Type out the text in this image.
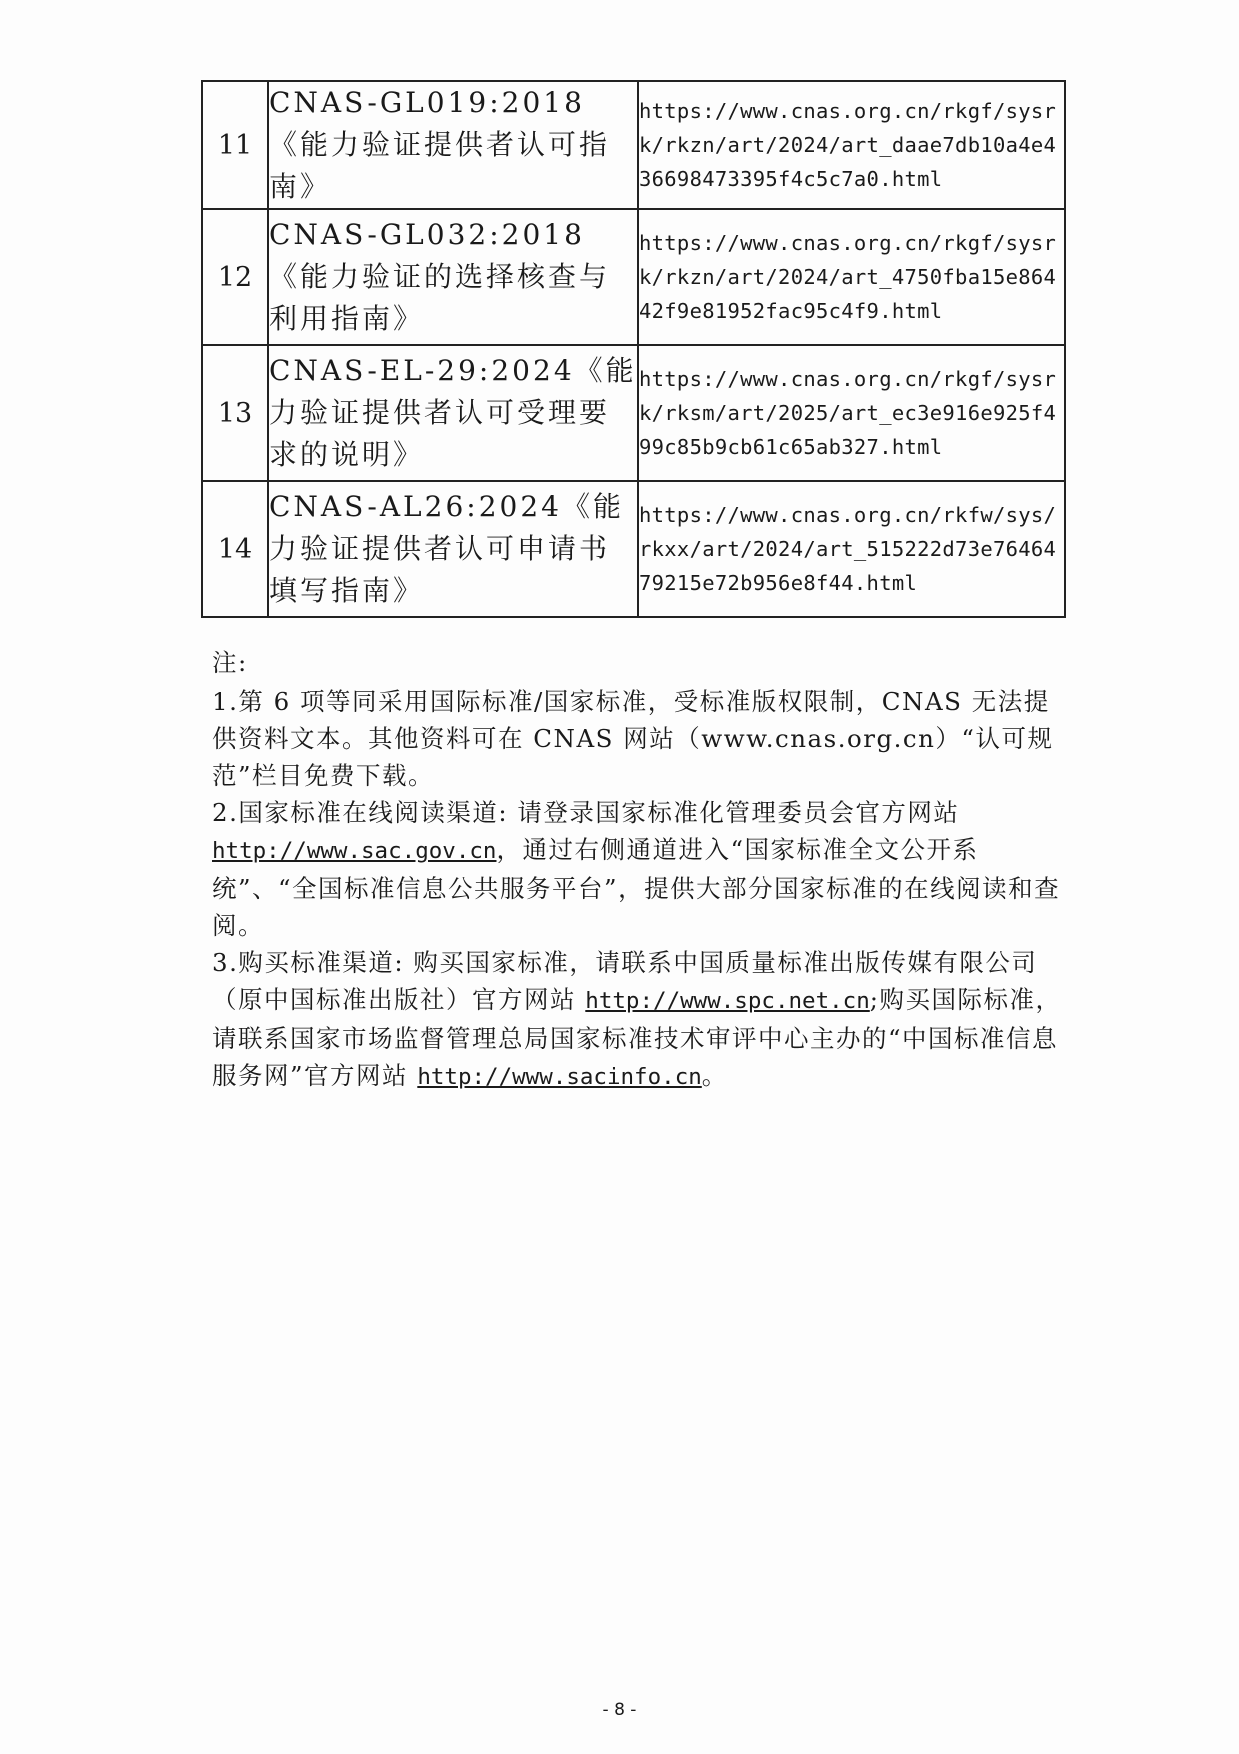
11	CNAS-GL019:2018《能力验证提供者认可指南》	https://www.cnas.org.cn/rkgf/sysrk/rkzn/art/2024/art_daae7db10a4e436698473395f4c5c7a0.html
12	CNAS-GL032:2018《能力验证的选择核查与利用指南》	https://www.cnas.org.cn/rkgf/sysrk/rkzn/art/2024/art_4750fba15e86442f9e81952fac95c4f9.html
13	CNAS-EL-29:2024《能力验证提供者认可受理要求的说明》	https://www.cnas.org.cn/rkgf/sysrk/rksm/art/2025/art_ec3e916e925f499c85b9cb61c65ab327.html
14	CNAS-AL26:2024《能力验证提供者认可申请书填写指南》	https://www.cnas.org.cn/rkfw/sys/rkxx/art/2024/art_515222d73e7646479215e72b956e8f44.html

注:

1.第 6 项等同采用国际标准/国家标准，受标准版权限制，CNAS 无法提供资料文本。其他资料可在 CNAS 网站（www.cnas.org.cn）“认可规范”栏目免费下载。

2.国家标准在线阅读渠道: 请登录国家标准化管理委员会官方网站 http://www.sac.gov.cn，通过右侧通道进入“国家标准全文公开系统”、“全国标准信息公共服务平台”，提供大部分国家标准的在线阅读和查阅。

3.购买标准渠道: 购买国家标准，请联系中国质量标准出版传媒有限公司（原中国标准出版社）官方网站 http://www.spc.net.cn;购买国际标准，请联系国家市场监督管理总局国家标准技术审评中心主办的“中国标准信息服务网”官方网站 http://www.sacinfo.cn。

- 8 -
